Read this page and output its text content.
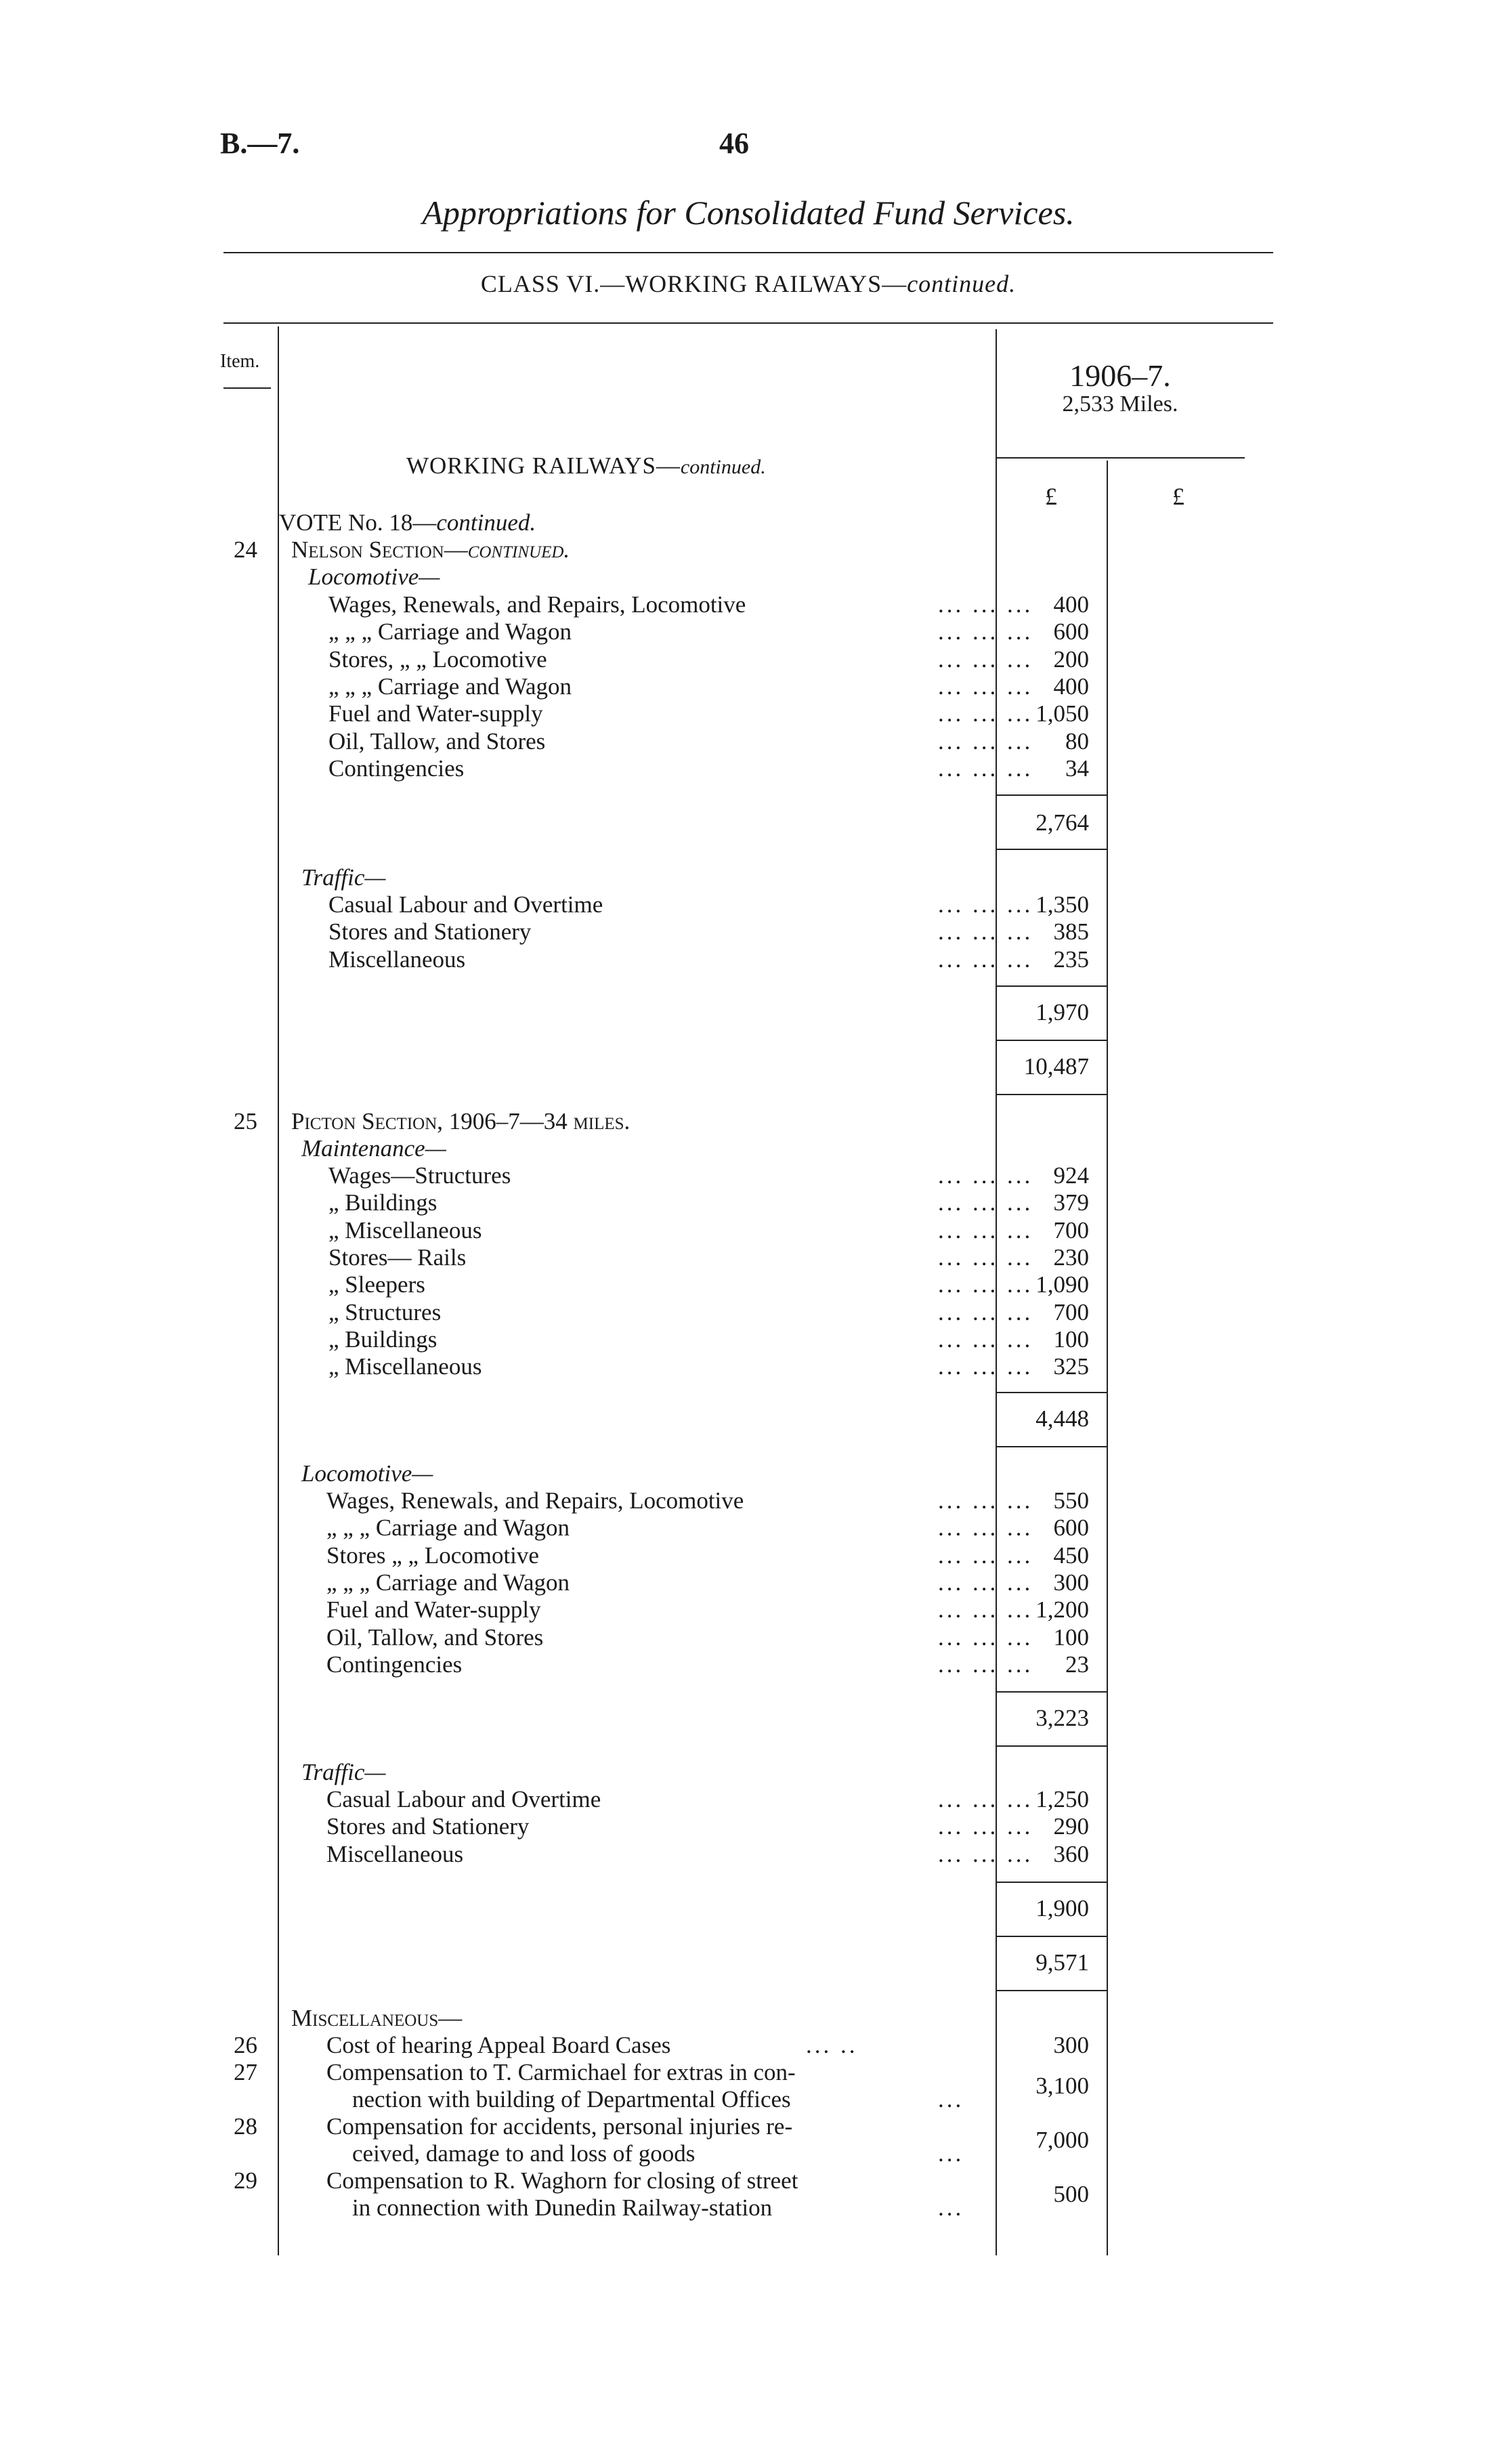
B.—7.	46
Appropriations for Consolidated Fund Services.
CLASS VI.—WORKING RAILWAYS—continued.
Item.	1906–7.
2,533 Miles.
£	£
WORKING RAILWAYS—continued.
VOTE No. 18—continued.
24 Nelson Section—continued.
Locomotive—
Wages, Renewals, and Repairs, Locomotive	... ... ... 400
„ „ „ Carriage and Wagon	... ... ... 600
Stores, „ „ Locomotive	... ... ... 200
„ „ „ Carriage and Wagon	... ... ... 400
Fuel and Water-supply	... ... ... 1,050
Oil, Tallow, and Stores	... ... ...	80
Contingencies	... ... ...	34
2,764
Traffic—
Casual Labour and Overtime	... ... ... 1,350
Stores and Stationery	... ... ... 385
Miscellaneous	... ... ... 235
1,970
10,487
25 Picton Section, 1906–7—34 miles.
Maintenance—
Wages—Structures	... ... ... 924
„ Buildings	... ... ... 379
„ Miscellaneous	... ... ... 700
Stores— Rails	... ... ... 230
„ Sleepers	... ... ... 1,090
„ Structures	... ... ... 700
„ Buildings	... ... ... 100
„ Miscellaneous	... ... ... 325
4,448
Locomotive—
Wages, Renewals, and Repairs, Locomotive	... ... ... 550
„ „ „ Carriage and Wagon	... ... ... 600
Stores „ „ Locomotive	... ... ... 450
„ „ „ Carriage and Wagon	... ... ... 300
Fuel and Water-supply	... ... ... 1,200
Oil, Tallow, and Stores	... ... ... 100
Contingencies	... ... ...	23
3,223
Traffic—
Casual Labour and Overtime	... ... ... 1,250
Stores and Stationery	... ... ... 290
Miscellaneous	... ... ... 360
1,900
9,571
Miscellaneous—
26	Cost of hearing Appeal Board Cases	... ..	300
27	Compensation to T. Carmichael for extras in con-
nection with building of Departmental Offices	...
3,100
28	Compensation for accidents, personal injuries re-
ceived, damage to and loss of goods	...
7,000
29	Compensation to R. Waghorn for closing of street
in connection with Dunedin Railway-station	...
500
